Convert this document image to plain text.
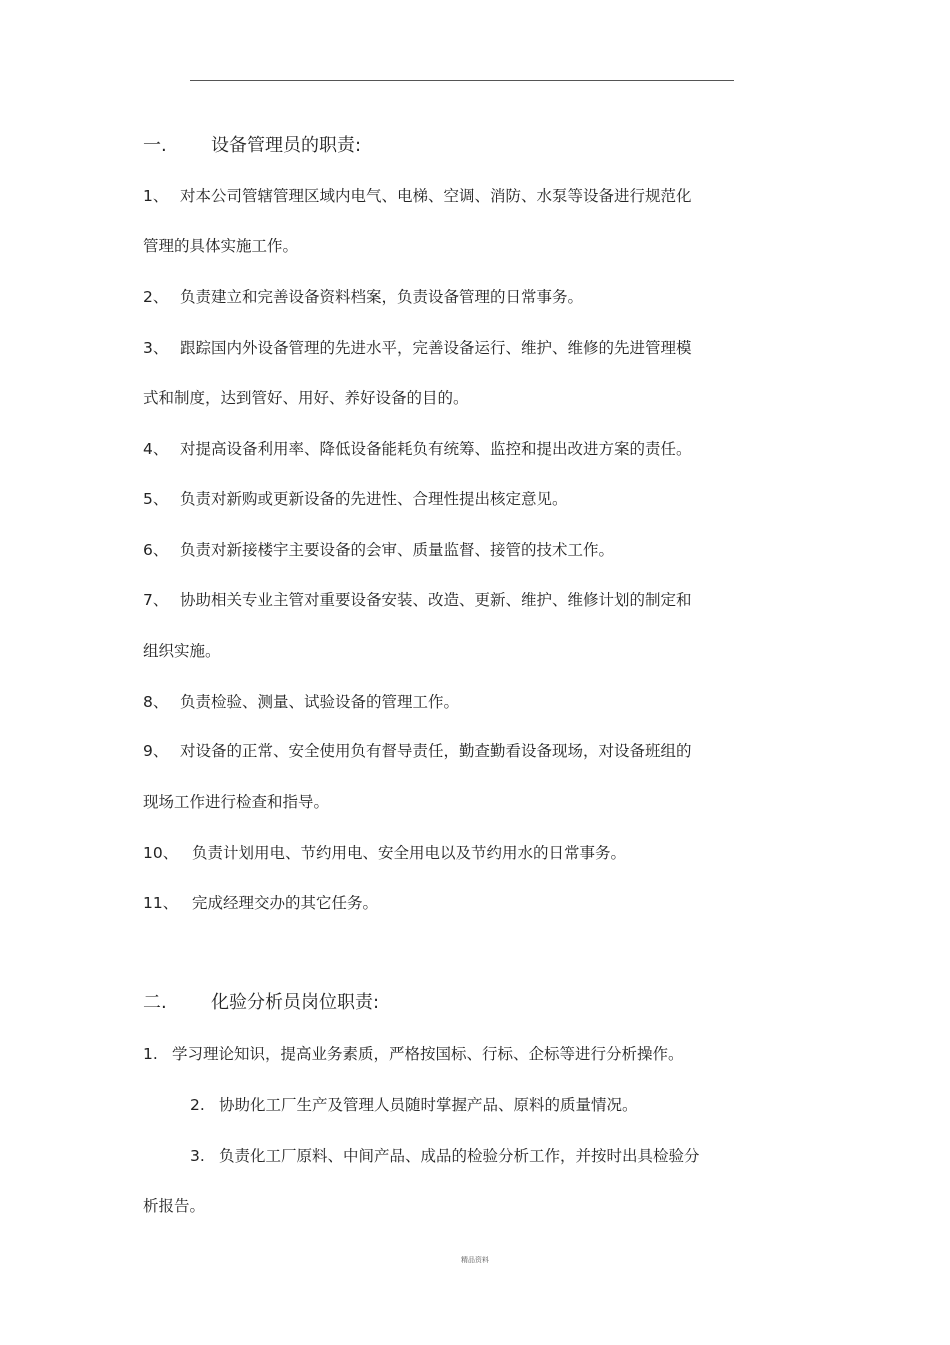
一. 设备管理员的职责:
1、 对本公司管辖管理区域内电气、电梯、空调、消防、水泵等设备进行规范化
管理的具体实施工作。
2、 负责建立和完善设备资料档案，负责设备管理的日常事务。
3、 跟踪国内外设备管理的先进水平，完善设备运行、维护、维修的先进管理模
式和制度，达到管好、用好、养好设备的目的。
4、 对提高设备利用率、降低设备能耗负有统筹、监控和提出改进方案的责任。
5、 负责对新购或更新设备的先进性、合理性提出核定意见。
6、 负责对新接楼宇主要设备的会审、质量监督、接管的技术工作。
7、 协助相关专业主管对重要设备安装、改造、更新、维护、维修计划的制定和
组织实施。
8、 负责检验、测量、试验设备的管理工作。
9、 对设备的正常、安全使用负有督导责任，勤查勤看设备现场，对设备班组的
现场工作进行检查和指导。
10、 负责计划用电、节约用电、安全用电以及节约用水的日常事务。
11、 完成经理交办的其它任务。
二. 化验分析员岗位职责:
1. 学习理论知识，提高业务素质，严格按国标、行标、企标等进行分析操作。
2. 协助化工厂生产及管理人员随时掌握产品、原料的质量情况。
3. 负责化工厂原料、中间产品、成品的检验分析工作，并按时出具检验分
析报告。
精品资料
